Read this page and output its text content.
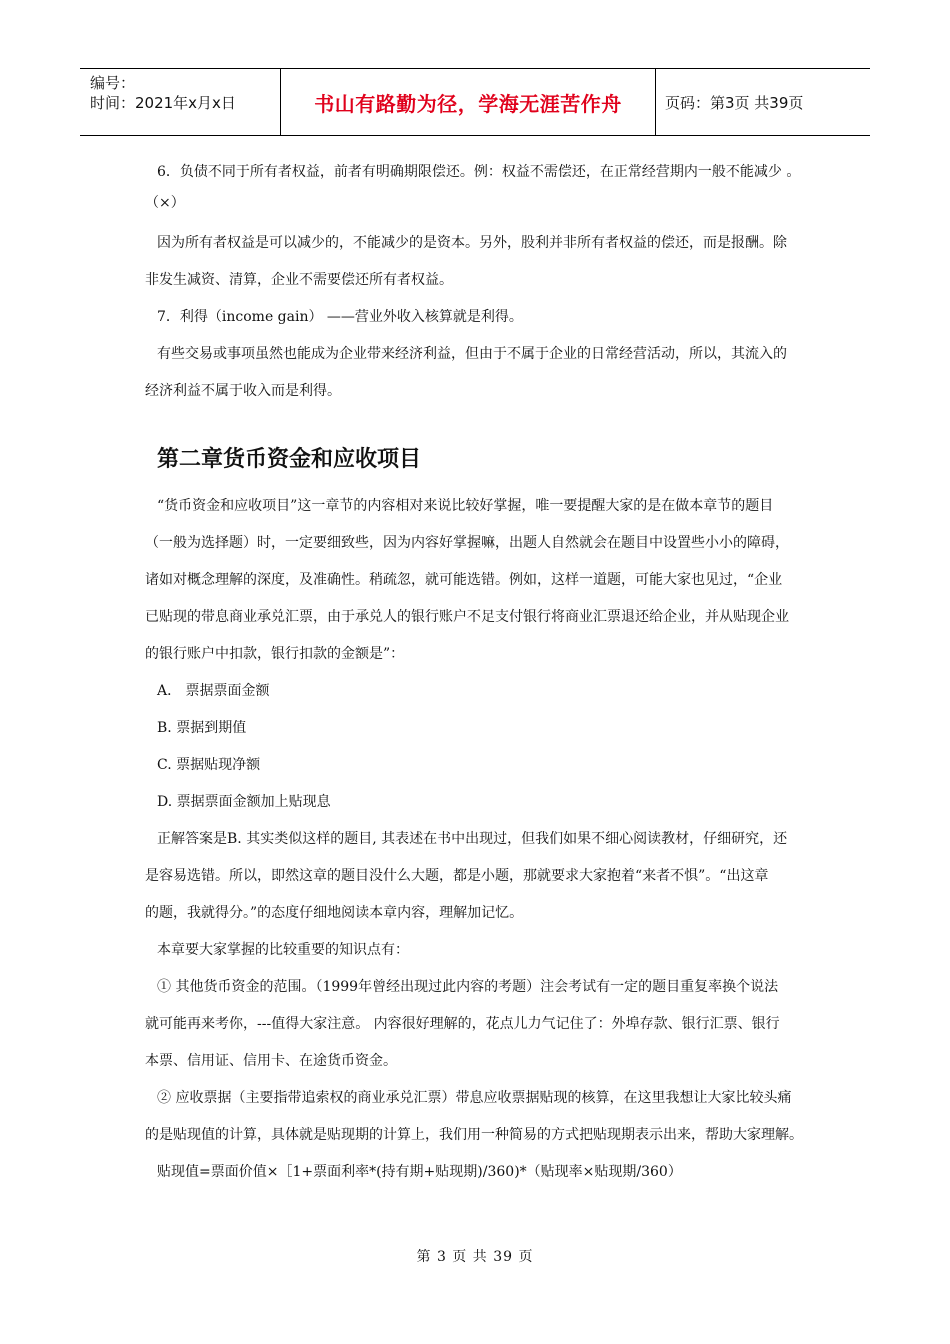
编号：
时间：2021年x月x日	书山有路勤为径，学海无涯苦作舟	页码：第3页 共39页

6．负债不同于所有者权益，前者有明确期限偿还。例：权益不需偿还，在正常经营期内一般不能减少 。

（×）

因为所有者权益是可以减少的，不能减少的是资本。另外，股利并非所有者权益的偿还，而是报酬。除

非发生减资、清算，企业不需要偿还所有者权益。

7．利得（income gain） ——营业外收入核算就是利得。

有些交易或事项虽然也能成为企业带来经济利益，但由于不属于企业的日常经营活动，所以，其流入的

经济利益不属于收入而是利得。

第二章货币资金和应收项目

“货币资金和应收项目”这一章节的内容相对来说比较好掌握，唯一要提醒大家的是在做本章节的题目

（一般为选择题）时，一定要细致些，因为内容好掌握嘛，出题人自然就会在题目中设置些小小的障碍，

诸如对概念理解的深度，及准确性。稍疏忽，就可能选错。例如，这样一道题，可能大家也见过，“企业

已贴现的带息商业承兑汇票，由于承兑人的银行账户不足支付银行将商业汇票退还给企业，并从贴现企业

的银行账户中扣款，银行扣款的金额是”：

A． 票据票面金额

B. 票据到期值

C. 票据贴现净额

D. 票据票面金额加上贴现息

正解答案是B. 其实类似这样的题目, 其表述在书中出现过，但我们如果不细心阅读教材，仔细研究，还

是容易选错。所以，即然这章的题目没什么大题，都是小题，那就要求大家抱着“来者不惧”。“出这章

的题，我就得分。”的态度仔细地阅读本章内容，理解加记忆。

本章要大家掌握的比较重要的知识点有：

① 其他货币资金的范围。（1999年曾经出现过此内容的考题）注会考试有一定的题目重复率换个说法

就可能再来考你，---值得大家注意。 内容很好理解的，花点儿力气记住了：外埠存款、银行汇票、银行

本票、信用证、信用卡、在途货币资金。

② 应收票据（主要指带追索权的商业承兑汇票）带息应收票据贴现的核算，在这里我想让大家比较头痛

的是贴现值的计算，具体就是贴现期的计算上，我们用一种简易的方式把贴现期表示出来，帮助大家理解。

贴现值=票面价值×［1+票面利率*(持有期+贴现期)/360)*（贴现率×贴现期/360）

第 3 页 共 39 页
